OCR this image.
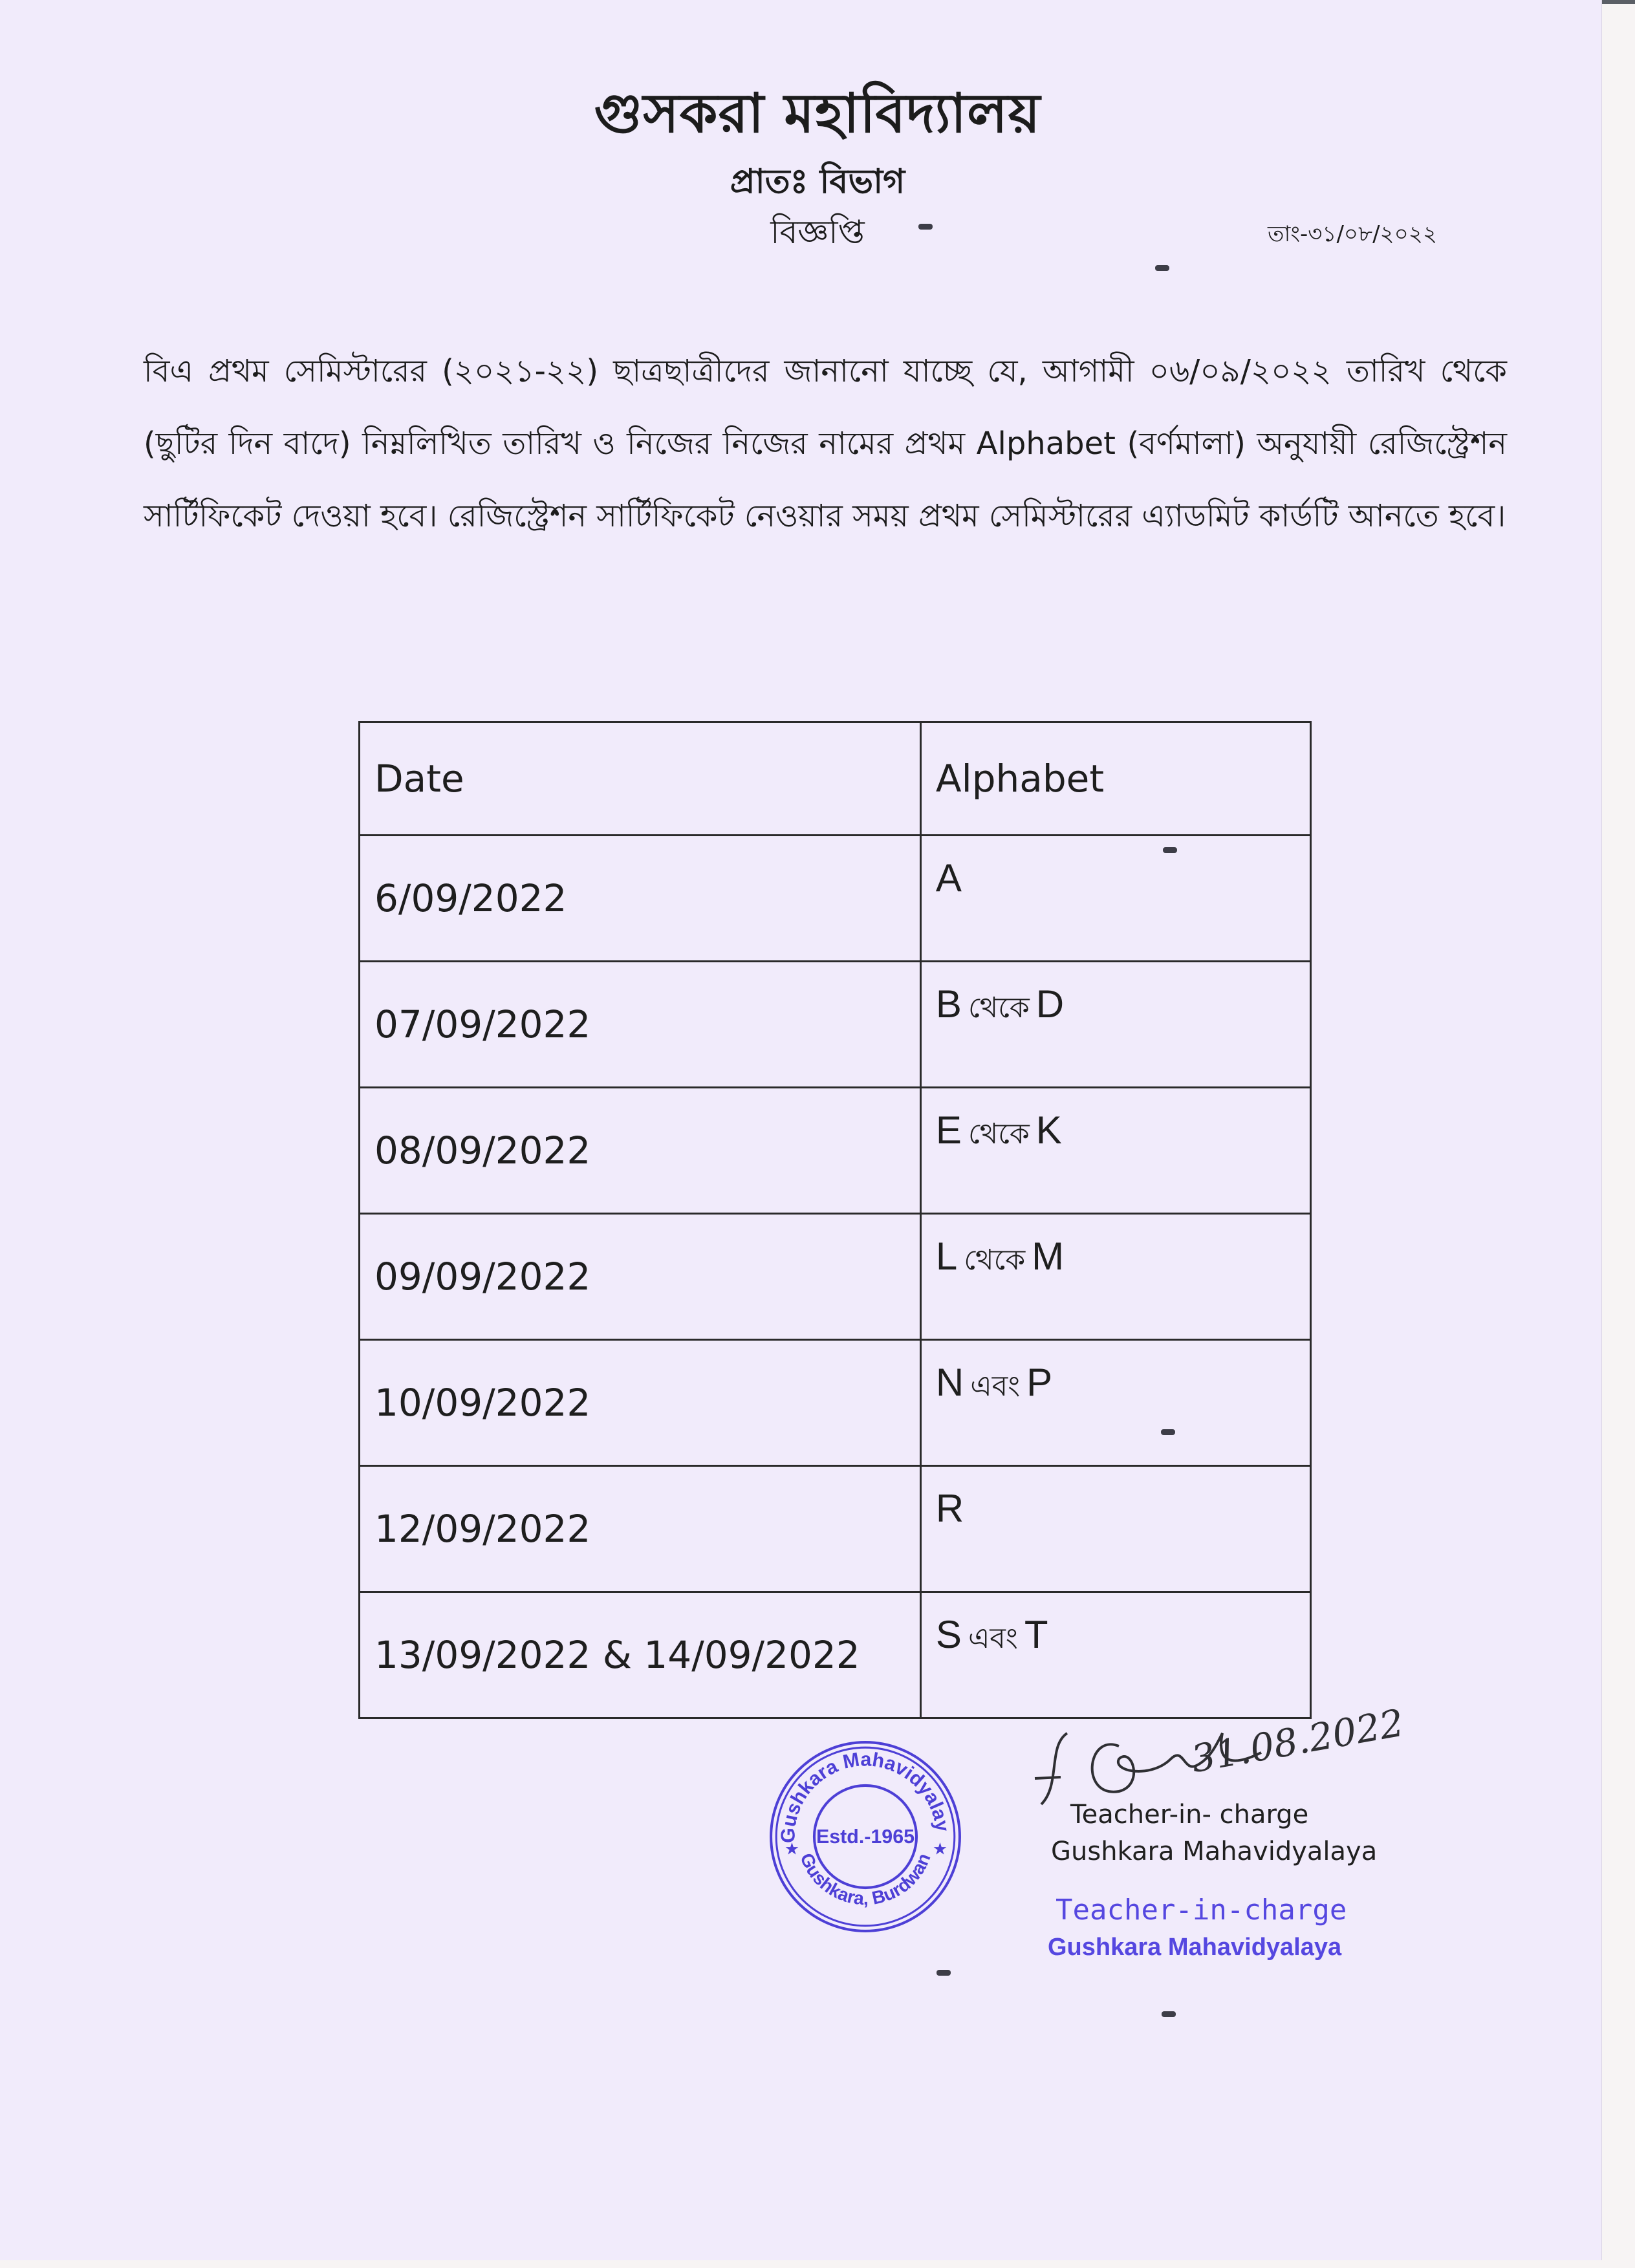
গুসকরা মহাবিদ্যালয়
প্রাতঃ বিভাগ
বিজ্ঞপ্তি	তাং-৩১/০৮/২০২২

বিএ প্রথম সেমিস্টারের (২০২১-২২) ছাত্রছাত্রীদের জানানো যাচ্ছে যে, আগামী ০৬/০৯/২০২২ তারিখ থেকে (ছুটির দিন বাদে) নিম্নলিখিত তারিখ ও নিজের নিজের নামের প্রথম Alphabet (বর্ণমালা) অনুযায়ী রেজিস্ট্রেশন সার্টিফিকেট দেওয়া হবে। রেজিস্ট্রেশন সার্টিফিকেট নেওয়ার সময় প্রথম সেমিস্টারের এ্যাডমিট কার্ডটি আনতে হবে।

Date	Alphabet
6/09/2022	A
07/09/2022	B থেকে D
08/09/2022	E থেকে K
09/09/2022	L থেকে M
10/09/2022	N এবং P
12/09/2022	R
13/09/2022 & 14/09/2022	S এবং T
Gushkara Mahavidyalay
Gushkara, Burdwan
★	★
Estd.-1965
31.08.2022
Teacher-in- charge
Gushkara Mahavidyalaya
Teacher-in-charge
Gushkara Mahavidyalaya
